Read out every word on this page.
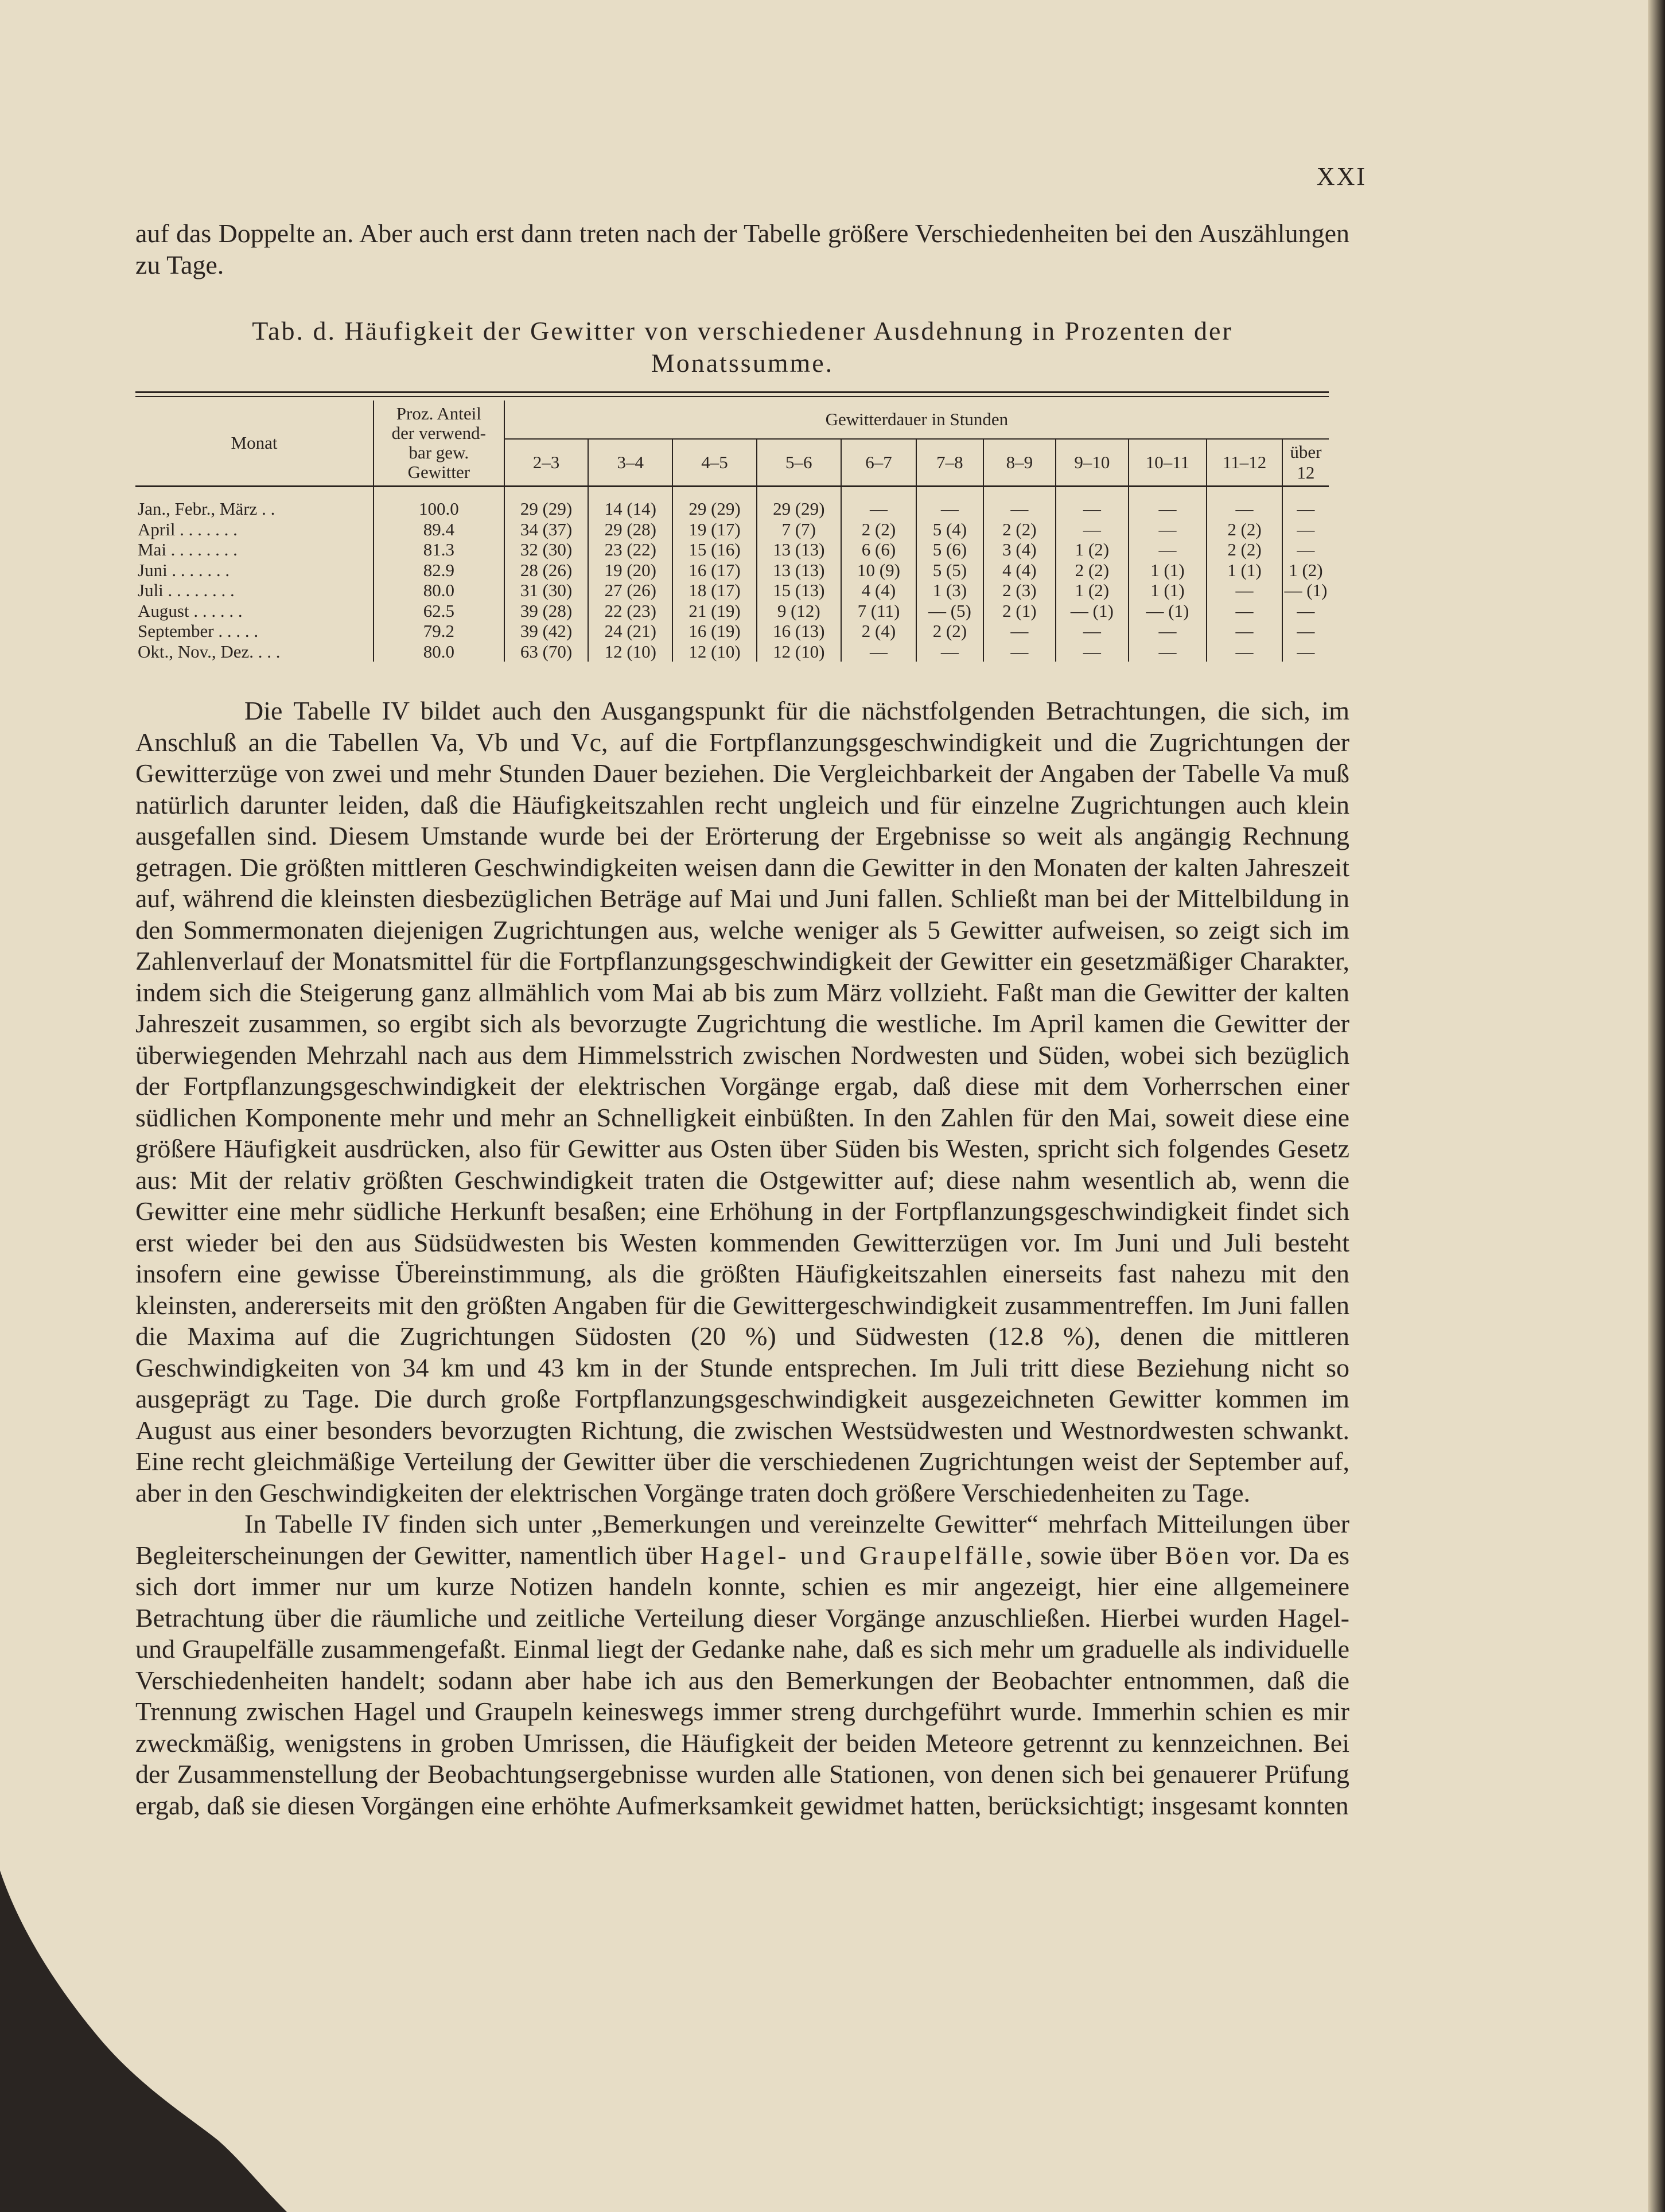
XXI

auf das Doppelte an. Aber auch erst dann treten nach der Tabelle größere Verschiedenheiten bei den Auszählungen zu Tage.

Tab. d. Häufigkeit der Gewitter von verschiedener Ausdehnung in Prozenten der
Monatssumme.
Monat	Proz. Anteil
der verwend-
bar gew.
Gewitter	Gewitterdauer in Stunden										
		2–3	3–4	4–5	5–6	6–7	7–8	8–9	9–10	10–11	11–12	über 12

Jan., Febr., März . .	100.0	29 (29)	14 (14)	29 (29)	29 (29)	—	—	—	—	—	—	—
April . . . . . . .	89.4	34 (37)	29 (28)	19 (17)	7 (7)	2 (2)	5 (4)	2 (2)	—	—	2 (2)	—
Mai . . . . . . . .	81.3	32 (30)	23 (22)	15 (16)	13 (13)	6 (6)	5 (6)	3 (4)	1 (2)	—	2 (2)	—
Juni . . . . . . .	82.9	28 (26)	19 (20)	16 (17)	13 (13)	10 (9)	5 (5)	4 (4)	2 (2)	1 (1)	1 (1)	1 (2)
Juli . . . . . . . .	80.0	31 (30)	27 (26)	18 (17)	15 (13)	4 (4)	1 (3)	2 (3)	1 (2)	1 (1)	—	— (1)
August . . . . . .	62.5	39 (28)	22 (23)	21 (19)	9 (12)	7 (11)	— (5)	2 (1)	— (1)	— (1)	—	—
September . . . . .	79.2	39 (42)	24 (21)	16 (19)	16 (13)	2 (4)	2 (2)	—	—	—	—	—
Okt., Nov., Dez. . . .	80.0	63 (70)	12 (10)	12 (10)	12 (10)	—	—	—	—	—	—	—

Die Tabelle IV bildet auch den Ausgangspunkt für die nächstfolgenden Betrachtungen, die sich, im Anschluß an die Tabellen Va, Vb und Vc, auf die Fortpflanzungsgeschwindigkeit und die Zugrichtungen der Gewitterzüge von zwei und mehr Stunden Dauer beziehen. Die Vergleichbarkeit der Angaben der Tabelle Va muß natürlich darunter leiden, daß die Häufigkeitszahlen recht ungleich und für einzelne Zugrichtungen auch klein ausgefallen sind. Diesem Umstande wurde bei der Erörterung der Ergebnisse so weit als angängig Rechnung getragen. Die größten mittleren Geschwindigkeiten weisen dann die Gewitter in den Monaten der kalten Jahreszeit auf, während die kleinsten diesbezüglichen Beträge auf Mai und Juni fallen. Schließt man bei der Mittelbildung in den Sommermonaten diejenigen Zugrichtungen aus, welche weniger als 5 Gewitter aufweisen, so zeigt sich im Zahlenverlauf der Monatsmittel für die Fortpflanzungsgeschwindigkeit der Gewitter ein gesetzmäßiger Charakter, indem sich die Steigerung ganz allmählich vom Mai ab bis zum März vollzieht. Faßt man die Gewitter der kalten Jahreszeit zusammen, so ergibt sich als bevorzugte Zugrichtung die westliche. Im April kamen die Gewitter der überwiegenden Mehrzahl nach aus dem Himmelsstrich zwischen Nordwesten und Süden, wobei sich bezüglich der Fortpflanzungsgeschwindigkeit der elektrischen Vorgänge ergab, daß diese mit dem Vorherrschen einer südlichen Komponente mehr und mehr an Schnelligkeit einbüßten. In den Zahlen für den Mai, soweit diese eine größere Häufigkeit ausdrücken, also für Gewitter aus Osten über Süden bis Westen, spricht sich folgendes Gesetz aus: Mit der relativ größten Geschwindigkeit traten die Ostgewitter auf; diese nahm wesentlich ab, wenn die Gewitter eine mehr südliche Herkunft besaßen; eine Erhöhung in der Fortpflanzungsgeschwindigkeit findet sich erst wieder bei den aus Südsüdwesten bis Westen kommenden Gewitterzügen vor. Im Juni und Juli besteht insofern eine gewisse Übereinstimmung, als die größten Häufigkeitszahlen einerseits fast nahezu mit den kleinsten, andererseits mit den größten Angaben für die Gewittergeschwindigkeit zusammentreffen. Im Juni fallen die Maxima auf die Zugrichtungen Südosten (20 %) und Südwesten (12.8 %), denen die mittleren Geschwindigkeiten von 34 km und 43 km in der Stunde entsprechen. Im Juli tritt diese Beziehung nicht so ausgeprägt zu Tage. Die durch große Fortpflanzungsgeschwindigkeit ausgezeichneten Gewitter kommen im August aus einer besonders bevorzugten Richtung, die zwischen Westsüdwesten und Westnordwesten schwankt. Eine recht gleichmäßige Verteilung der Gewitter über die verschiedenen Zugrichtungen weist der September auf, aber in den Geschwindigkeiten der elektrischen Vorgänge traten doch größere Verschiedenheiten zu Tage.

In Tabelle IV finden sich unter „Bemerkungen und vereinzelte Gewitter“ mehrfach Mitteilungen über Begleiterscheinungen der Gewitter, namentlich über Hagel- und Graupelfälle, sowie über Böen vor. Da es sich dort immer nur um kurze Notizen handeln konnte, schien es mir angezeigt, hier eine allgemeinere Betrachtung über die räumliche und zeitliche Verteilung dieser Vorgänge anzuschließen. Hierbei wurden Hagel- und Graupelfälle zusammengefaßt. Einmal liegt der Gedanke nahe, daß es sich mehr um graduelle als individuelle Verschiedenheiten handelt; sodann aber habe ich aus den Bemerkungen der Beobachter entnommen, daß die Trennung zwischen Hagel und Graupeln keineswegs immer streng durchgeführt wurde. Immerhin schien es mir zweckmäßig, wenigstens in groben Umrissen, die Häufigkeit der beiden Meteore getrennt zu kennzeichnen. Bei der Zusammenstellung der Beobachtungsergebnisse wurden alle Stationen, von denen sich bei genauerer Prüfung ergab, daß sie diesen Vorgängen eine erhöhte Aufmerksamkeit gewidmet hatten, berücksichtigt; insgesamt konnten
